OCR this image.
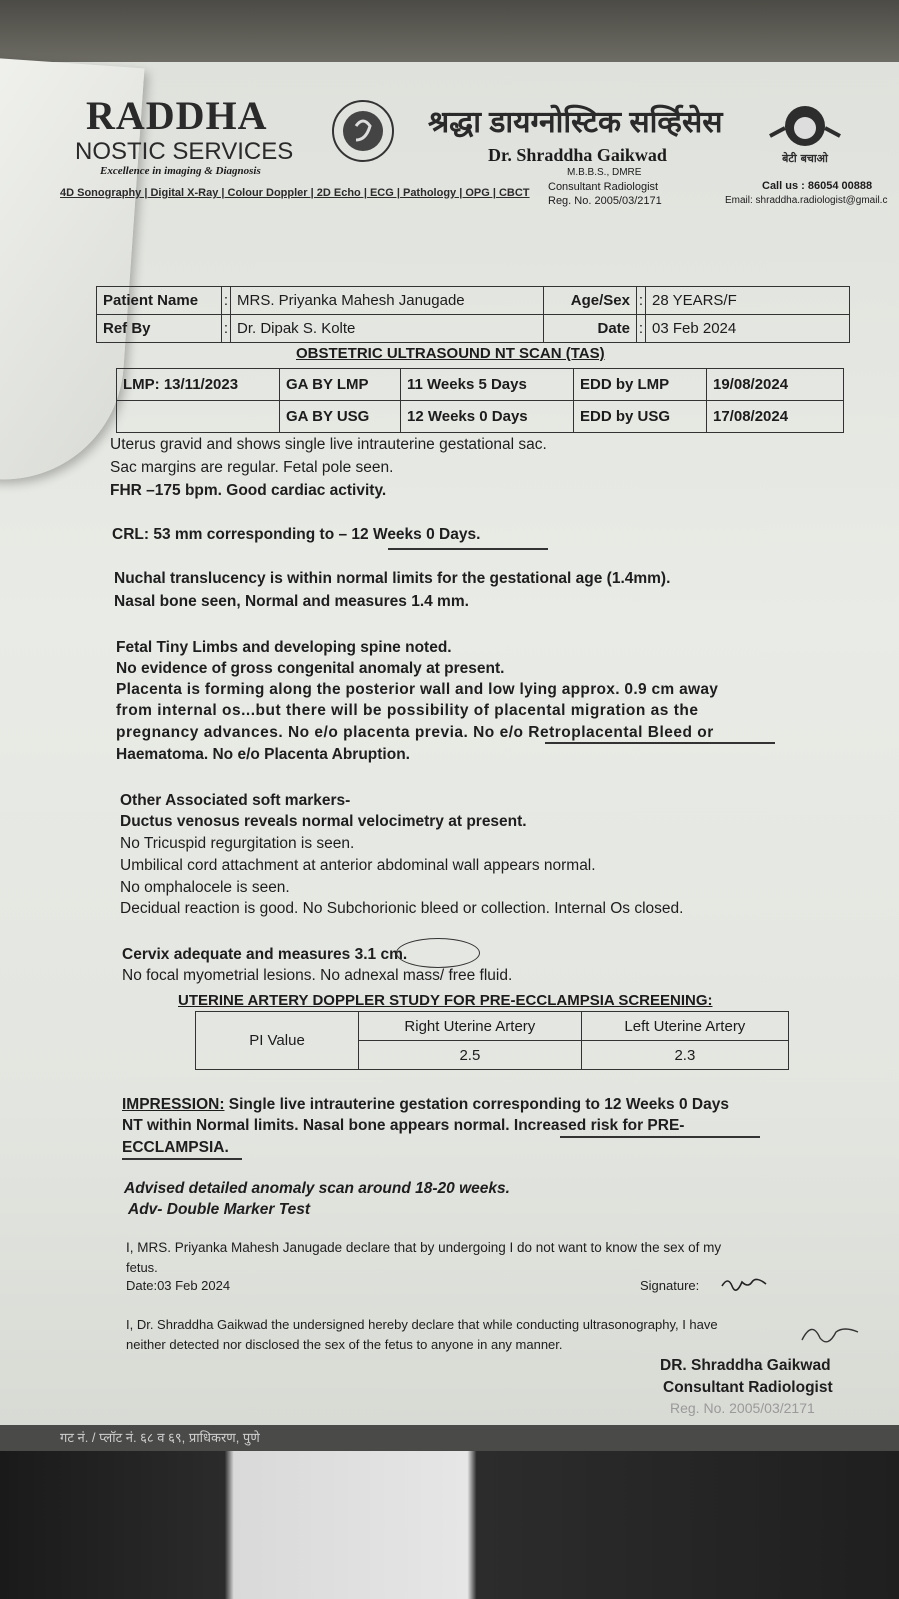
RADDHA
NOSTIC SERVICES
Excellence in imaging & Diagnosis
4D Sonography | Digital X-Ray | Colour Doppler | 2D Echo | ECG | Pathology | OPG | CBCT
श्रद्धा डायग्नोस्टिक सर्व्हिसेस
Dr. Shraddha Gaikwad
M.B.B.S., DMRE
Consultant Radiologist
Reg. No. 2005/03/2171
बेटी बचाओ
Call us : 86054 00888
Email: shraddha.radiologist@gmail.c
Patient Name	:	MRS. Priyanka Mahesh Janugade	Age/Sex	:	28 YEARS/F
Ref By	:	Dr. Dipak S. Kolte	Date	:	03 Feb 2024
OBSTETRIC ULTRASOUND NT SCAN (TAS)
LMP: 13/11/2023	GA BY LMP	11 Weeks 5 Days	EDD by LMP	19/08/2024
	GA BY USG	12 Weeks 0 Days	EDD by USG	17/08/2024
Uterus gravid and shows single live intrauterine gestational sac.
Sac margins are regular. Fetal pole seen.
FHR –175 bpm. Good cardiac activity.
CRL: 53 mm corresponding to – 12 Weeks 0 Days.
Nuchal translucency is within normal limits for the gestational age (1.4mm).
Nasal bone seen, Normal and measures 1.4 mm.
Fetal Tiny Limbs and developing spine noted.
No evidence of gross congenital anomaly at present.
Placenta is forming along the posterior wall and low lying approx. 0.9 cm away
from internal os...but there will be possibility of placental migration as the
pregnancy advances. No e/o placenta previa. No e/o Retroplacental Bleed or
Haematoma. No e/o Placenta Abruption.
Other Associated soft markers-
Ductus venosus reveals normal velocimetry at present.
No Tricuspid regurgitation is seen.
Umbilical cord attachment at anterior abdominal wall appears normal.
No omphalocele is seen.
Decidual reaction is good. No Subchorionic bleed or collection. Internal Os closed.
Cervix adequate and measures 3.1 cm.
No focal myometrial lesions. No adnexal mass/ free fluid.
UTERINE ARTERY DOPPLER STUDY FOR PRE-ECCLAMPSIA SCREENING:
PI Value	Right Uterine Artery	Left Uterine Artery
	2.5	2.3
IMPRESSION: Single live intrauterine gestation corresponding to 12 Weeks 0 Days
NT within Normal limits. Nasal bone appears normal. Increased risk for PRE-
ECCLAMPSIA.
Advised detailed anomaly scan around 18-20 weeks.
Adv- Double Marker Test
I, MRS. Priyanka Mahesh Janugade declare that by undergoing I do not want to know the sex of my
fetus.
Date:03 Feb 2024	Signature:
I, Dr. Shraddha Gaikwad the undersigned hereby declare that while conducting ultrasonography, I have
neither detected nor disclosed the sex of the fetus to anyone in any manner.
DR. Shraddha Gaikwad
Consultant Radiologist
Reg. No. 2005/03/2171
गट नं. / प्लॉट नं. ६८ व ६९, प्राधिकरण, पुणे
